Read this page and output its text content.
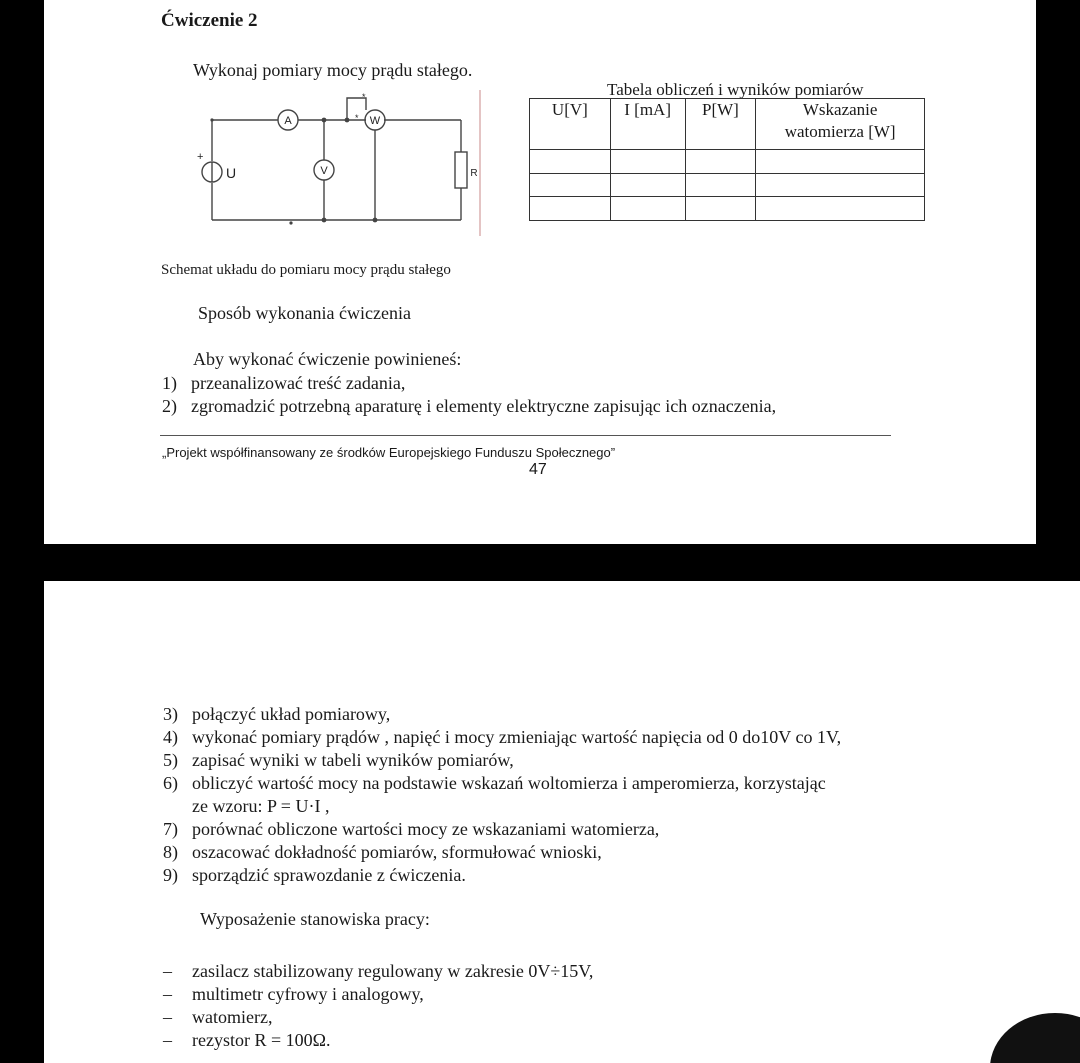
Ćwiczenie 2
Wykonaj pomiary mocy prądu stałego.
A	W
V
U	R
+
*
*
Tabela obliczeń i wyników pomiarów
U[V]	I [mA]	P[W]	Wskazanie watomierza [W]

Schemat układu do pomiaru mocy prądu stałego
Sposób wykonania ćwiczenia
Aby wykonać ćwiczenie powinieneś:
1) przeanalizować treść zadania,
2) zgromadzić potrzebną aparaturę i elementy elektryczne zapisując ich oznaczenia,
„Projekt współfinansowany ze środków Europejskiego Funduszu Społecznego”
47
3) połączyć układ pomiarowy,
4) wykonać pomiary prądów , napięć i mocy zmieniając wartość napięcia od 0 do10V co 1V,
5) zapisać wyniki w tabeli wyników pomiarów,
6) obliczyć wartość mocy na podstawie wskazań woltomierza i amperomierza, korzystając
ze wzoru: P = U·I ,
7) porównać obliczone wartości mocy ze wskazaniami watomierza,
8) oszacować dokładność pomiarów, sformułować wnioski,
9) sporządzić sprawozdanie z ćwiczenia.
Wyposażenie stanowiska pracy:
– zasilacz stabilizowany regulowany w zakresie 0V÷15V,
– multimetr cyfrowy i analogowy,
– watomierz,
– rezystor R = 100Ω.
